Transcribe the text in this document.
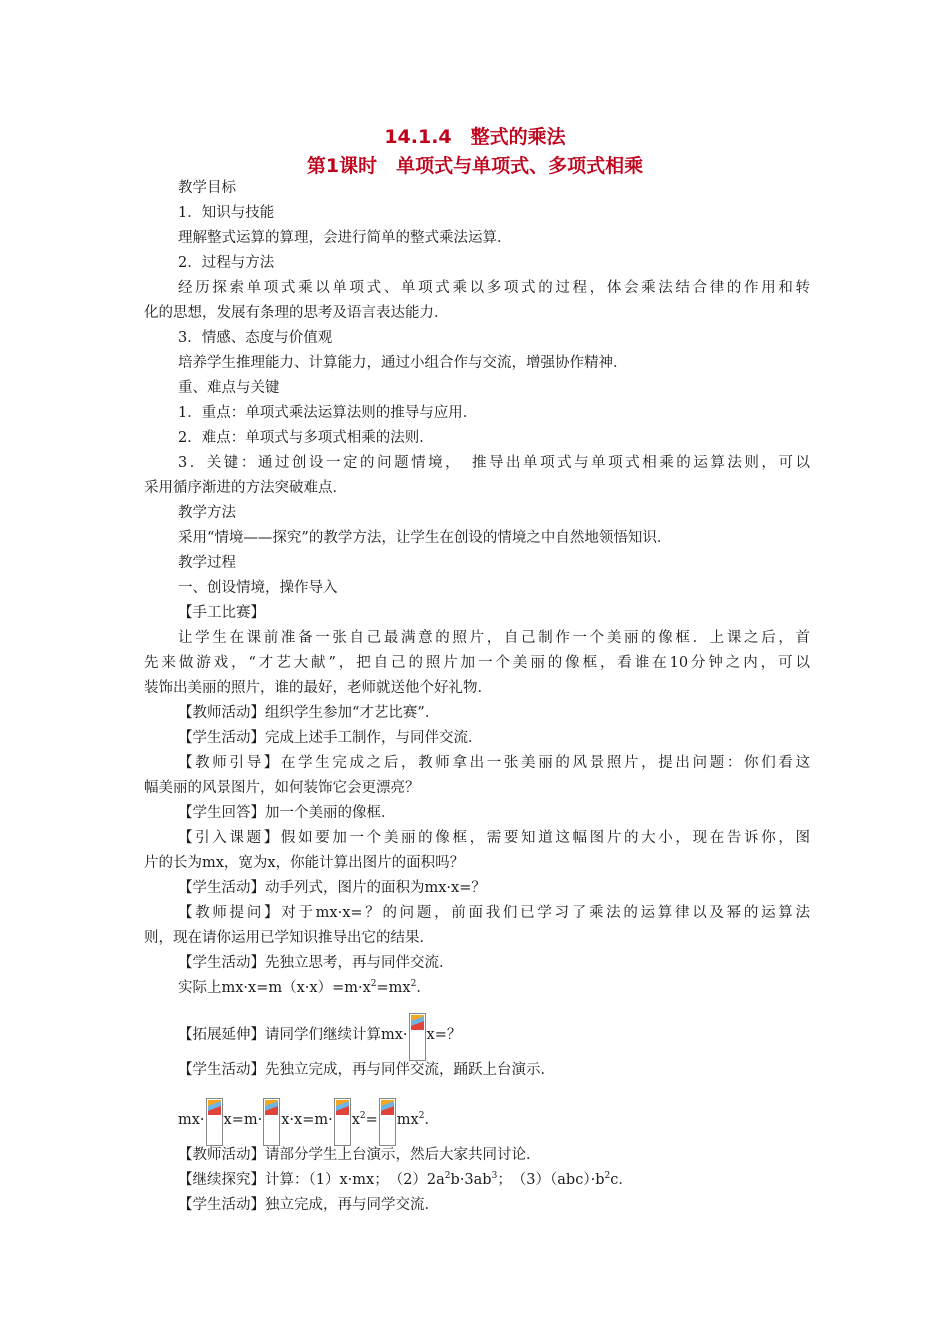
14.1.4　整式的乘法
第1课时　单项式与单项式、多项式相乘
教学目标
1．知识与技能
理解整式运算的算理，会进行简单的整式乘法运算．
2．过程与方法
经历探索单项式乘以单项式、单项式乘以多项式的过程，体会乘法结合律的作用和转
化的思想，发展有条理的思考及语言表达能力．
3．情感、态度与价值观
培养学生推理能力、计算能力，通过小组合作与交流，增强协作精神．
重、难点与关键
1．重点：单项式乘法运算法则的推导与应用．
2．难点：单项式与多项式相乘的法则．
3．关键：通过创设一定的问题情境，　推导出单项式与单项式相乘的运算法则，可以
采用循序渐进的方法突破难点．
教学方法
采用“情境——探究”的教学方法，让学生在创设的情境之中自然地领悟知识．
教学过程
一、创设情境，操作导入
【手工比赛】
让学生在课前准备一张自己最满意的照片，自己制作一个美丽的像框．上课之后，首
先来做游戏，“才艺大献”，把自己的照片加一个美丽的像框，看谁在10分钟之内，可以
装饰出美丽的照片，谁的最好，老师就送他个好礼物．
【教师活动】组织学生参加“才艺比赛”．
【学生活动】完成上述手工制作，与同伴交流．
【教师引导】在学生完成之后，教师拿出一张美丽的风景照片，提出问题：你们看这
幅美丽的风景图片，如何装饰它会更漂亮？
【学生回答】加一个美丽的像框．
【引入课题】假如要加一个美丽的像框，需要知道这幅图片的大小，现在告诉你，图
片的长为mx，宽为x，你能计算出图片的面积吗？
【学生活动】动手列式，图片的面积为mx·x=？
【教师提问】对于mx·x=？的问题，前面我们已学习了乘法的运算律以及幂的运算法
则，现在请你运用已学知识推导出它的结果．
【学生活动】先独立思考，再与同伴交流．
实际上$mx\cdot x=m(x\cdot x)=m\cdot x^2=mx^2$．
【拓展延伸】请同学们继续计算mx· x=？
【学生活动】先独立完成，再与同伴交流，踊跃上台演示．
$mx\cdot x=m\cdot x\cdot x=m\cdot x^2= mx^2$．
【教师活动】请部分学生上台演示，然后大家共同讨论．
【继续探究】计算：（1）x·mx；　$(2)2a^2b\cdot 3ab^3$；　$(3)(abc)\cdot b^2c$．
【学生活动】独立完成，再与同学交流．
